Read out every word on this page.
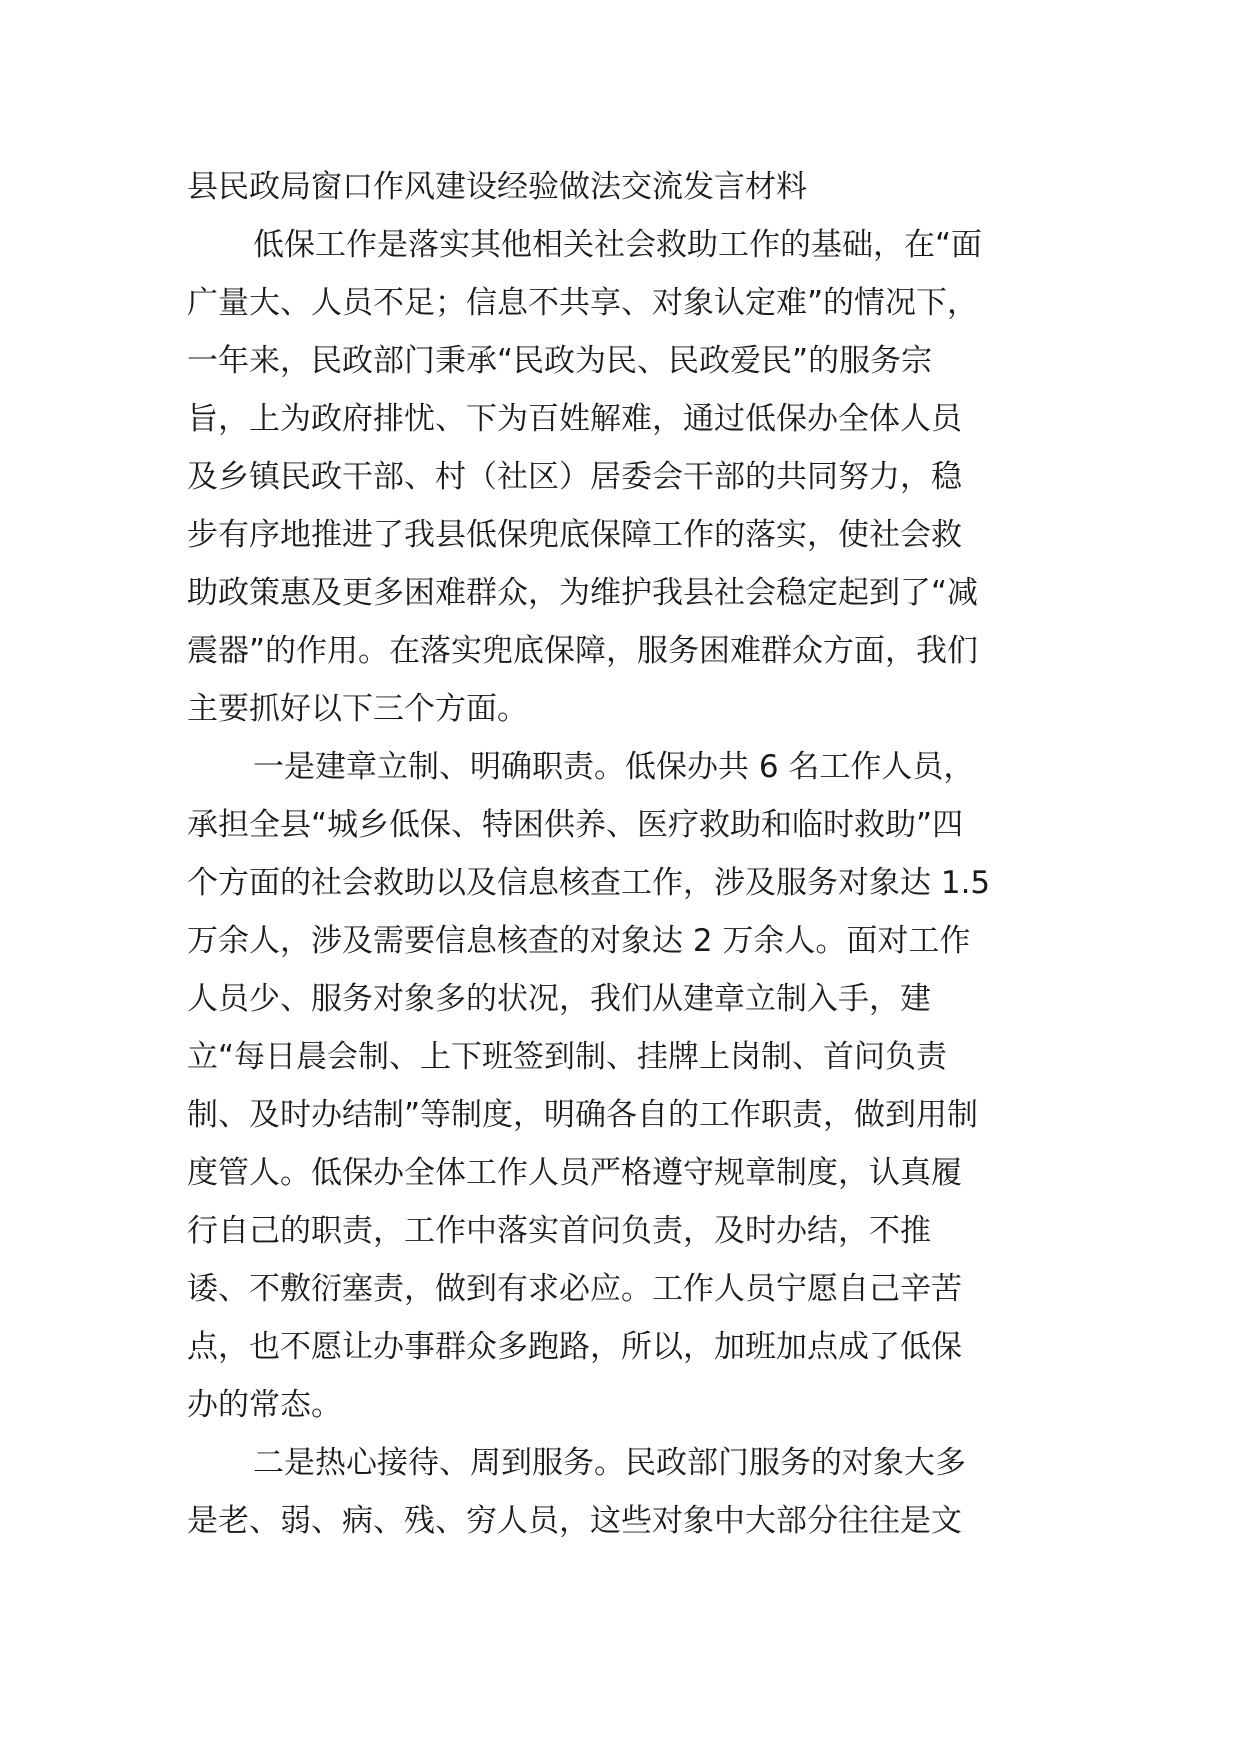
县民政局窗口作风建设经验做法交流发言材料
低保工作是落实其他相关社会救助工作的基础，在“面
广量大、人员不足；信息不共享、对象认定难”的情况下，
一年来，民政部门秉承“民政为民、民政爱民”的服务宗
旨，上为政府排忧、下为百姓解难，通过低保办全体人员
及乡镇民政干部、村（社区）居委会干部的共同努力，稳
步有序地推进了我县低保兜底保障工作的落实，使社会救
助政策惠及更多困难群众，为维护我县社会稳定起到了“减
震器”的作用。在落实兜底保障，服务困难群众方面，我们
主要抓好以下三个方面。
一是建章立制、明确职责。低保办共 6 名工作人员，
承担全县“城乡低保、特困供养、医疗救助和临时救助”四
个方面的社会救助以及信息核查工作，涉及服务对象达 1.5
万余人，涉及需要信息核查的对象达 2 万余人。面对工作
人员少、服务对象多的状况，我们从建章立制入手，建
立“每日晨会制、上下班签到制、挂牌上岗制、首问负责
制、及时办结制”等制度，明确各自的工作职责，做到用制
度管人。低保办全体工作人员严格遵守规章制度，认真履
行自己的职责，工作中落实首问负责，及时办结，不推
诿、不敷衍塞责，做到有求必应。工作人员宁愿自己辛苦
点，也不愿让办事群众多跑路，所以，加班加点成了低保
办的常态。
二是热心接待、周到服务。民政部门服务的对象大多
是老、弱、病、残、穷人员，这些对象中大部分往往是文
